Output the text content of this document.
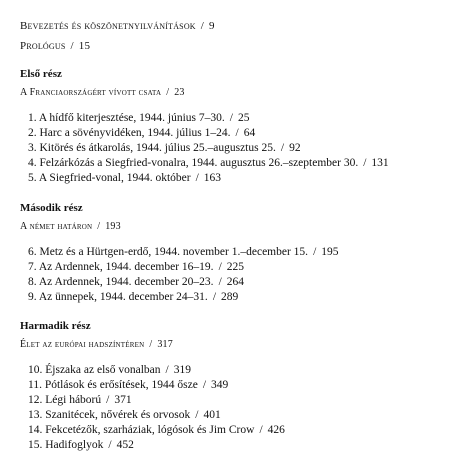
Bevezetés és köszönetnyilvánítások / 9
Prológus / 15
Első rész
A Franciaországért vívott csata / 23
1. A hídfő kiterjesztése, 1944. június 7–30. / 25
2. Harc a sövényvidéken, 1944. július 1–24. / 64
3. Kitörés és átkarolás, 1944. július 25.–augusztus 25. / 92
4. Felzárkózás a Siegfried-vonalra, 1944. augusztus 26.–szeptember 30. / 131
5. A Siegfried-vonal, 1944. október / 163
Második rész
A német határon / 193
6. Metz és a Hürtgen-erdő, 1944. november 1.–december 15. / 195
7. Az Ardennek, 1944. december 16–19. / 225
8. Az Ardennek, 1944. december 20–23. / 264
9. Az ünnepek, 1944. december 24–31. / 289
Harmadik rész
Élet az európai hadszíntéren / 317
10. Éjszaka az első vonalban / 319
11. Pótlások és erősítések, 1944 ősze / 349
12. Légi háború / 371
13. Szanitécek, nővérek és orvosok / 401
14. Fekcetézők, szarháziak, lógósok és Jim Crow / 426
15. Hadifoglyok / 452
